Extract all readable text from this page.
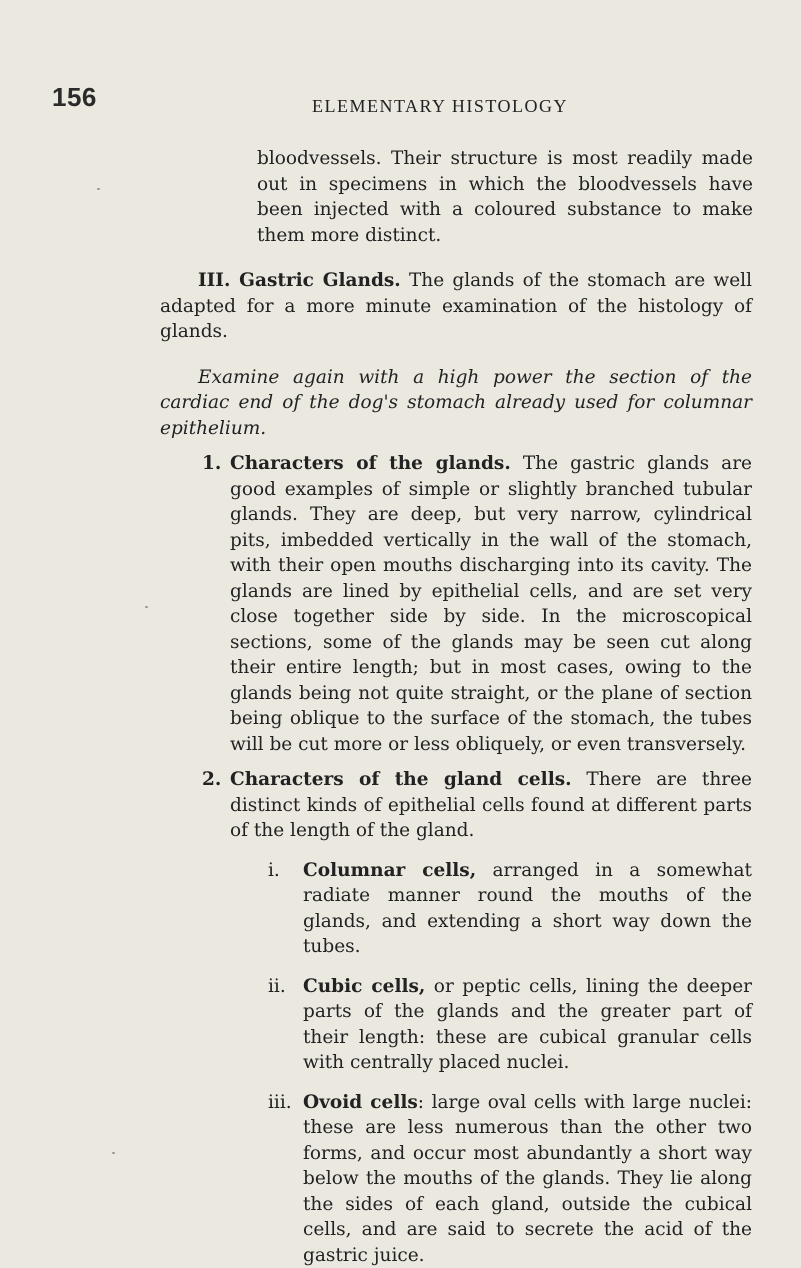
156	ELEMENTARY HISTOLOGY

bloodvessels. Their structure is most readily made out in specimens in which the bloodvessels have been injected with a coloured substance to make them more distinct.

III. Gastric Glands. The glands of the stomach are well adapted for a more minute examination of the histology of glands.

Examine again with a high power the section of the cardiac end of the dog's stomach already used for columnar epithelium.

1. Characters of the glands. The gastric glands are good examples of simple or slightly branched tubular glands. They are deep, but very narrow, cylindrical pits, imbedded vertically in the wall of the stomach, with their open mouths discharging into its cavity. The glands are lined by epithelial cells, and are set very close together side by side. In the microscopical sections, some of the glands may be seen cut along their entire length; but in most cases, owing to the glands being not quite straight, or the plane of section being oblique to the surface of the stomach, the tubes will be cut more or less obliquely, or even transversely.

2. Characters of the gland cells. There are three distinct kinds of epithelial cells found at different parts of the length of the gland.

i. Columnar cells, arranged in a somewhat radiate manner round the mouths of the glands, and extending a short way down the tubes.

ii. Cubic cells, or peptic cells, lining the deeper parts of the glands and the greater part of their length: these are cubical granular cells with centrally placed nuclei.

iii. Ovoid cells: large oval cells with large nuclei: these are less numerous than the other two forms, and occur most abundantly a short way below the mouths of the glands. They lie along the sides of each gland, outside the cubical cells, and are said to secrete the acid of the gastric juice.
